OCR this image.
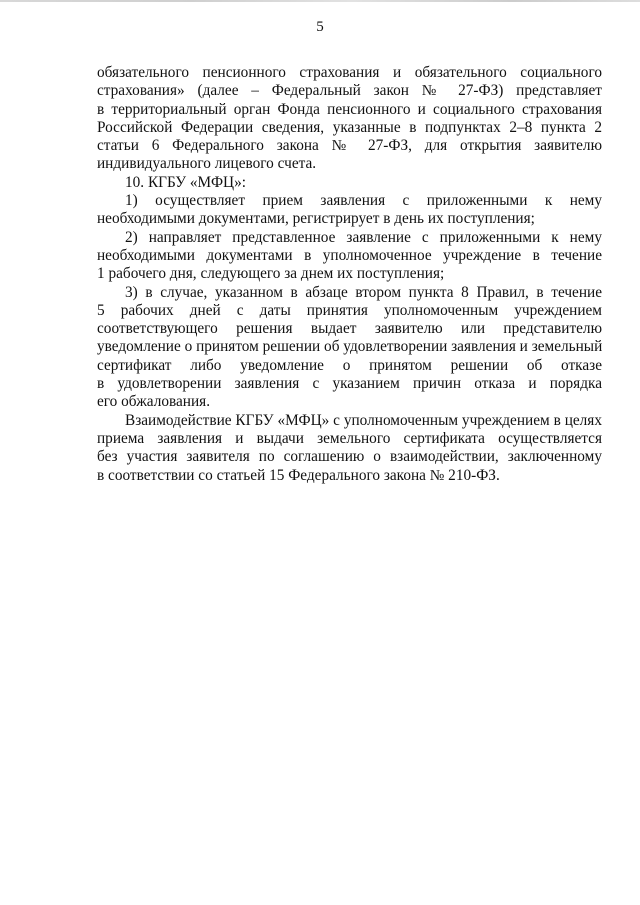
5
обязательного пенсионного страхования и обязательного социального
страхования» (далее – Федеральный закон № 27-ФЗ) представляет
в территориальный орган Фонда пенсионного и социального страхования
Российской Федерации сведения, указанные в подпунктах 2–8 пункта 2
статьи 6 Федерального закона № 27-ФЗ, для открытия заявителю
индивидуального лицевого счета.
10. КГБУ «МФЦ»:
1) осуществляет прием заявления с приложенными к нему
необходимыми документами, регистрирует в день их поступления;
2) направляет представленное заявление с приложенными к нему
необходимыми документами в уполномоченное учреждение в течение
1 рабочего дня, следующего за днем их поступления;
3) в случае, указанном в абзаце втором пункта 8 Правил, в течение
5 рабочих дней с даты принятия уполномоченным учреждением
соответствующего решения выдает заявителю или представителю
уведомление о принятом решении об удовлетворении заявления и земельный
сертификат либо уведомление о принятом решении об отказе
в удовлетворении заявления с указанием причин отказа и порядка
его обжалования.
Взаимодействие КГБУ «МФЦ» с уполномоченным учреждением в целях
приема заявления и выдачи земельного сертификата осуществляется
без участия заявителя по соглашению о взаимодействии, заключенному
в соответствии со статьей 15 Федерального закона № 210-ФЗ.
